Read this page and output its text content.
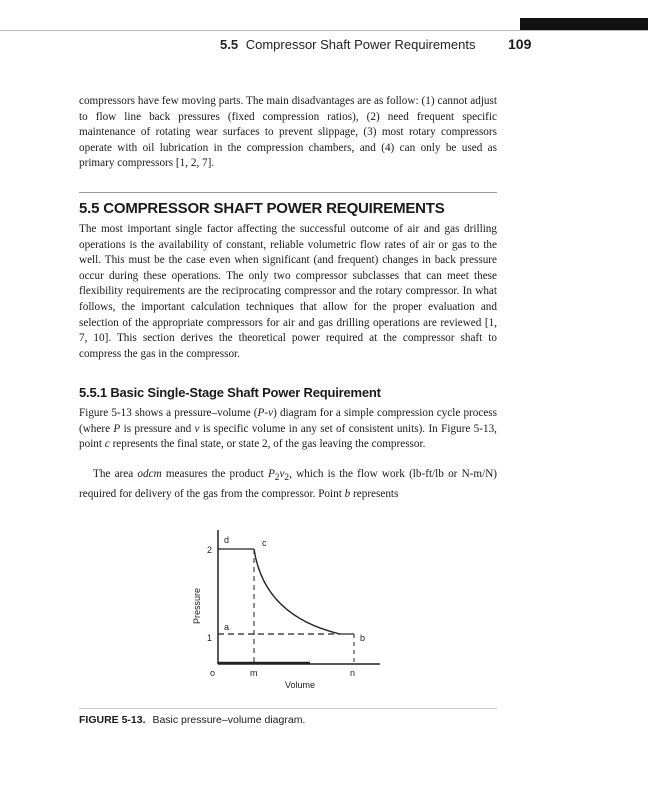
5.5 Compressor Shaft Power Requirements	109

compressors have few moving parts. The main disadvantages are as follow: (1) cannot adjust to flow line back pressures (fixed compression ratios), (2) need frequent specific maintenance of rotating wear surfaces to prevent slippage, (3) most rotary compressors operate with oil lubrication in the compression chambers, and (4) can only be used as primary compressors [1, 2, 7].

5.5 COMPRESSOR SHAFT POWER REQUIREMENTS

The most important single factor affecting the successful outcome of air and gas drilling operations is the availability of constant, reliable volumetric flow rates of air or gas to the well. This must be the case even when significant (and frequent) changes in back pressure occur during these operations. The only two compressor subclasses that can meet these flexibility requirements are the reciprocating compressor and the rotary compressor. In what follows, the important calculation techniques that allow for the proper evaluation and selection of the appropriate compressors for air and gas drilling operations are reviewed [1, 7, 10]. This section derives the theoretical power required at the compressor shaft to compress the gas in the compressor.

5.5.1 Basic Single-Stage Shaft Power Requirement

Figure 5-13 shows a pressure–volume (P-v) diagram for a simple compression cycle process (where P is pressure and v is specific volume in any set of consistent units). In Figure 5-13, point c represents the final state, or state 2, of the gas leaving the compressor.

The area odcm measures the product $P_2v_2$, which is the flow work (lb-ft/lb or N-m/N) required for delivery of the gas from the compressor. Point b represents

2
1
d	c
a
b
o	m	n
Volume
Pressure
FIGURE 5-13. Basic pressure–volume diagram.
